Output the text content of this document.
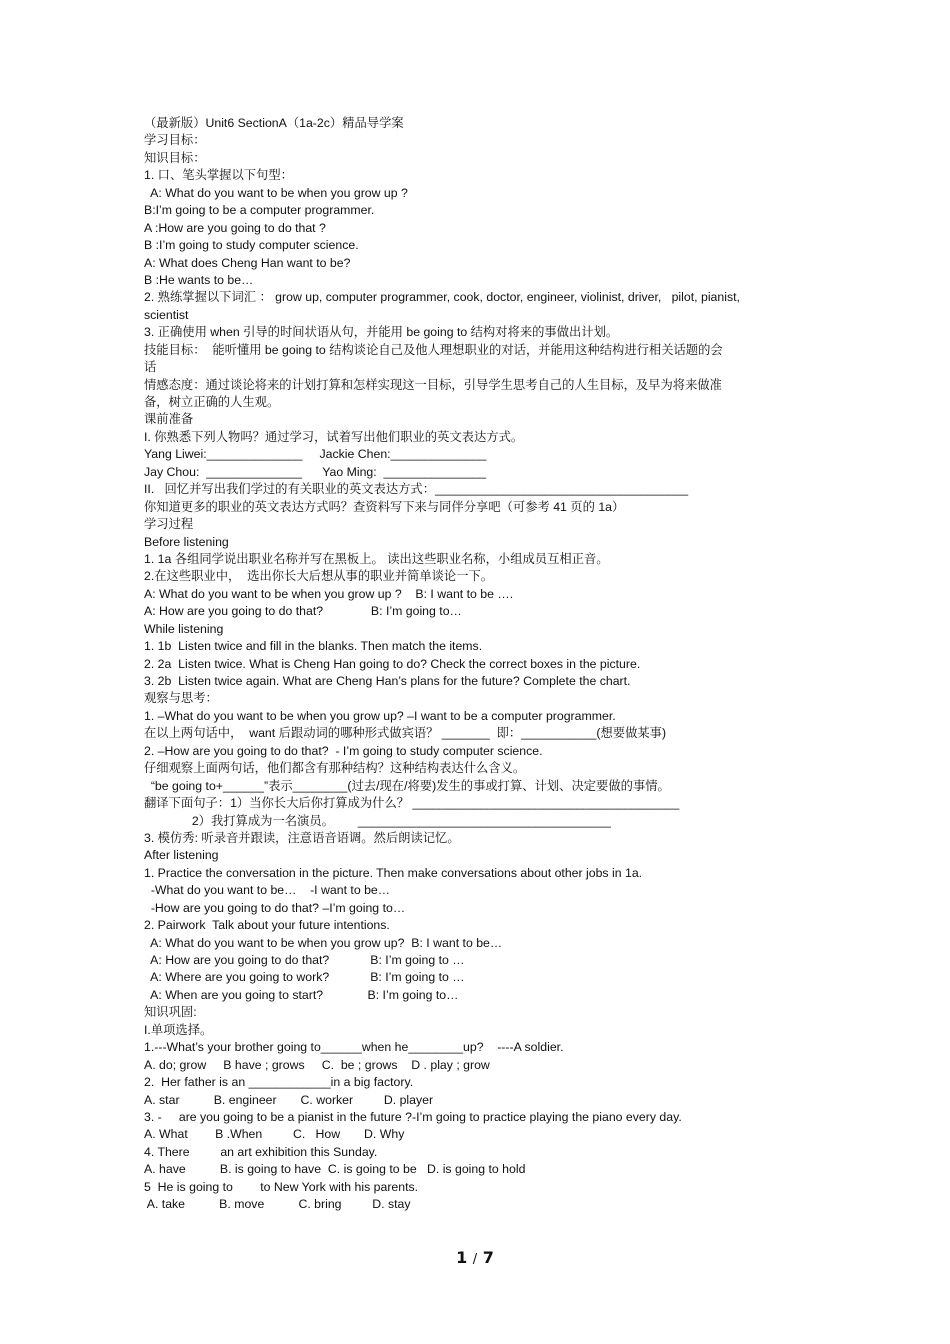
（最新版）Unit6 SectionA（1a-2c）精品导学案
学习目标：
知识目标：
1. 口、笔头掌握以下句型：
A: What do you want to be when you grow up ?
B:I’m going to be a computer programmer.
A :How are you going to do that ?
B :I’m going to study computer science.
A: What does Cheng Han want to be?
B :He wants to be…
2. 熟练掌握以下词汇 ： grow up, computer programmer, cook, doctor, engineer, violinist, driver,   pilot, pianist,
scientist
3. 正确使用 when 引导的时间状语从句，并能用 be going to 结构对将来的事做出计划。
技能目标：  能听懂用 be going to 结构谈论自己及他人理想职业的对话，并能用这种结构进行相关话题的会
话
情感态度：通过谈论将来的计划打算和怎样实现这一目标，引导学生思考自己的人生目标，及早为将来做准
备，树立正确的人生观。
课前准备
I. 你熟悉下列人物吗？通过学习，试着写出他们职业的英文表达方式。
Yang Liwei:______________     Jackie Chen:______________
Jay Chou:  ______________      Yao Ming:  _______________
II.   回忆并写出我们学过的有关职业的英文表达方式：_____________________________________
你知道更多的职业的英文表达方式吗？查资料写下来与同伴分享吧（可参考 41 页的 1a）
学习过程
Before listening
1. 1a 各组同学说出职业名称并写在黑板上。 读出这些职业名称，小组成员互相正音。
2.在这些职业中，  选出你长大后想从事的职业并简单谈论一下。
A: What do you want to be when you grow up ?    B: I want to be ….
A: How are you going to do that?              B: I’m going to…
While listening
1. 1b  Listen twice and fill in the blanks. Then match the items.
2. 2a  Listen twice. What is Cheng Han going to do? Check the correct boxes in the picture.
3. 2b  Listen twice again. What are Cheng Han’s plans for the future? Complete the chart.
观察与思考：
1. –What do you want to be when you grow up? –I want to be a computer programmer.
在以上两句话中，  want 后跟动词的哪种形式做宾语？ _______  即：___________(想要做某事)
2. –How are you going to do that?  - I’m going to study computer science.
仔细观察上面两句话，他们都含有那种结构？这种结构表达什么含义。
“be going to+______”表示________(过去/现在/将要)发生的事或打算、计划、决定要做的事情。
翻译下面句子：1）当你长大后你打算成为什么？ _______________________________________
2）我打算成为一名演员。       _____________________________________
3. 模仿秀: 听录音并跟读，注意语音语调。然后朗读记忆。
After listening
1. Practice the conversation in the picture. Then make conversations about other jobs in 1a.
-What do you want to be…    -I want to be…
-How are you going to do that? –I’m going to…
2. Pairwork  Talk about your future intentions.
A: What do you want to be when you grow up?  B: I want to be…
A: How are you going to do that?            B: I’m going to …
A: Where are you going to work?            B: I’m going to …
A: When are you going to start?             B: I’m going to…
知识巩固:
I.单项选择。
1.---What’s your brother going to______when he________up?    ----A soldier.
A. do; grow     B have ; grows     C.  be ; grows    D . play ; grow
2.  Her father is an ____________in a big factory.
A. star          B. engineer       C. worker         D. player
3. -     are you going to be a pianist in the future ?-I’m going to practice playing the piano every day.
A. What        B .When         C.   How       D. Why
4. There         an art exhibition this Sunday.
A. have          B. is going to have  C. is going to be   D. is going to hold
5  He is going to        to New York with his parents.
A. take          B. move          C. bring         D. stay
1 / 7
